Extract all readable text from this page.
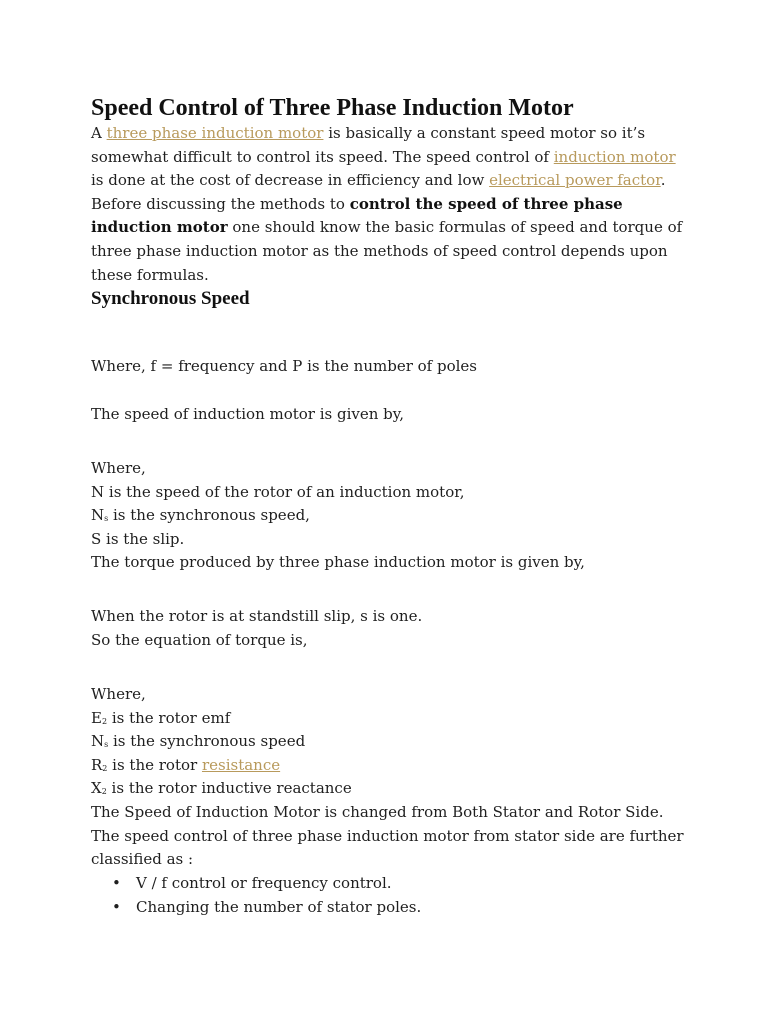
Speed Control of Three Phase Induction Motor

A three phase induction motor is basically a constant speed motor so it’s somewhat difficult to control its speed. The speed control of induction motor is done at the cost of decrease in efficiency and low electrical power factor. Before discussing the methods to control the speed of three phase induction motor one should know the basic formulas of speed and torque of three phase induction motor as the methods of speed control depends upon these formulas.

Synchronous Speed

Where, f = frequency and P is the number of poles

The speed of induction motor is given by,

Where,
N is the speed of the rotor of an induction motor,
$N_s$ is the synchronous speed,
S is the slip.
The torque produced by three phase induction motor is given by,

When the rotor is at standstill slip, s is one.
So the equation of torque is,

Where,
$E_2$ is the rotor emf
$N_s$ is the synchronous speed
$R_2$ is the rotor resistance
$X_2$ is the rotor inductive reactance
The Speed of Induction Motor is changed from Both Stator and Rotor Side.
The speed control of three phase induction motor from stator side are further classified as :

• V / f control or frequency control.
• Changing the number of stator poles.
